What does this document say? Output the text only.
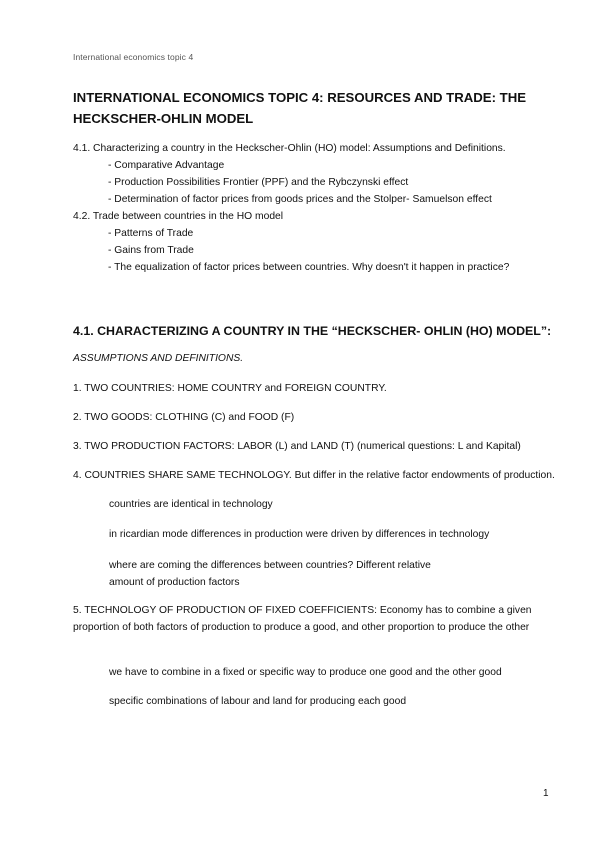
International economics topic 4
INTERNATIONAL ECONOMICS TOPIC 4: RESOURCES AND TRADE: THE HECKSCHER-OHLIN MODEL
4.1. Characterizing a country in the Heckscher-Ohlin (HO) model: Assumptions and Definitions.
- Comparative Advantage
- Production Possibilities Frontier (PPF) and the Rybczynski effect
- Determination of factor prices from goods prices and the Stolper- Samuelson effect
4.2. Trade between countries in the HO model
- Patterns of Trade
- Gains from Trade
- The equalization of factor prices between countries. Why doesn't it happen in practice?
4.1. CHARACTERIZING A COUNTRY IN THE “HECKSCHER- OHLIN (HO) MODEL”:
ASSUMPTIONS AND DEFINITIONS.
1. TWO COUNTRIES: HOME COUNTRY and FOREIGN COUNTRY.
2. TWO GOODS: CLOTHING (C) and FOOD (F)
3. TWO PRODUCTION FACTORS: LABOR (L) and LAND (T) (numerical questions: L and Kapital)
4. COUNTRIES SHARE SAME TECHNOLOGY. But differ in the relative factor endowments of production.
countries are identical in technology
in ricardian mode differences in production were driven by differences in technology
where are coming the differences between countries? Different relative amount of production factors
5. TECHNOLOGY OF PRODUCTION OF FIXED COEFFICIENTS: Economy has to combine a given proportion of both factors of production to produce a good, and other proportion to produce the other
we have to combine in a fixed or specific way to produce one good and the other good
specific combinations of labour and land for producing each good
1
